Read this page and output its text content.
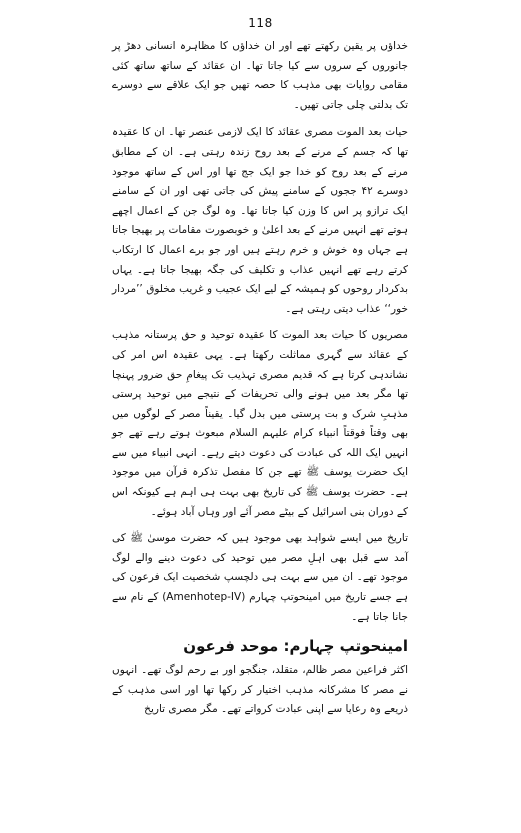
118

خداؤں پر یقین رکھتے تھے اور ان خداؤں کا مظاہرہ انسانی دھڑ پر جانوروں کے سروں سے کیا جاتا تھا۔ ان عقائد کے ساتھ ساتھ کئی مقامی روایات بھی مذہب کا حصہ تھیں جو ایک علاقے سے دوسرے تک بدلتی چلی جاتی تھیں۔

حیات بعد الموت مصری عقائد کا ایک لازمی عنصر تھا۔ ان کا عقیدہ تھا کہ جسم کے مرنے کے بعد روح زندہ رہتی ہے۔ ان کے مطابق مرنے کے بعد روح کو خدا جو ایک جج تھا اور اس کے ساتھ موجود دوسرے ۴۲ ججوں کے سامنے پیش کی جاتی تھی اور ان کے سامنے ایک ترازو پر اس کا وزن کیا جاتا تھا۔ وہ لوگ جن کے اعمال اچھے ہوتے تھے انہیں مرنے کے بعد اعلیٰ و خوبصورت مقامات پر بھیجا جاتا ہے جہاں وہ خوش و خرم رہتے ہیں اور جو برے اعمال کا ارتکاب کرتے رہے تھے انہیں عذاب و تکلیف کی جگہ بھیجا جاتا ہے۔ یہاں بدکردار روحوں کو ہمیشہ کے لیے ایک عجیب و غریب مخلوق ’’مردار خور‘‘ عذاب دیتی رہتی ہے۔

مصریوں کا حیات بعد الموت کا عقیدہ توحید و حق پرستانہ مذہب کے عقائد سے گہری مماثلت رکھتا ہے۔ یہی عقیدہ اس امر کی نشاندہی کرتا ہے کہ قدیم مصری تہذیب تک پیغامِ حق ضرور پہنچا تھا مگر بعد میں ہونے والی تحریفات کے نتیجے میں توحید پرستی مذہبِ شرک و بت پرستی میں بدل گیا۔ یقیناً مصر کے لوگوں میں بھی وقتاً فوقتاً انبیاء کرام علیہم السلام مبعوث ہوتے رہے تھے جو انہیں ایک اللہ کی عبادت کی دعوت دیتے رہے۔ انہی انبیاء میں سے ایک حضرت یوسف ﷺ تھے جن کا مفصل تذکرہ قرآن میں موجود ہے۔ حضرت یوسف ﷺ کی تاریخ بھی بہت ہی اہم ہے کیونکہ اس کے دوران بنی اسرائیل کے بیٹے مصر آئے اور وہاں آباد ہوئے۔

تاریخ میں ایسے شواہد بھی موجود ہیں کہ حضرت موسیٰ ﷺ کی آمد سے قبل بھی اہلِ مصر میں توحید کی دعوت دینے والے لوگ موجود تھے۔ ان میں سے بہت ہی دلچسپ شخصیت ایک فرعون کی ہے جسے تاریخ میں امینحوتپ چہارم (Amenhotep-IV) کے نام سے جانا جاتا ہے۔

امینحوتپ چہارم: موحد فرعون

اکثر فراعین مصر ظالم، متقلد، جنگجو اور بے رحم لوگ تھے۔ انہوں نے مصر کا مشرکانہ مذہب اختیار کر رکھا تھا اور اسی مذہب کے ذریعے وہ رعایا سے اپنی عبادت کرواتے تھے۔ مگر مصری تاریخ
